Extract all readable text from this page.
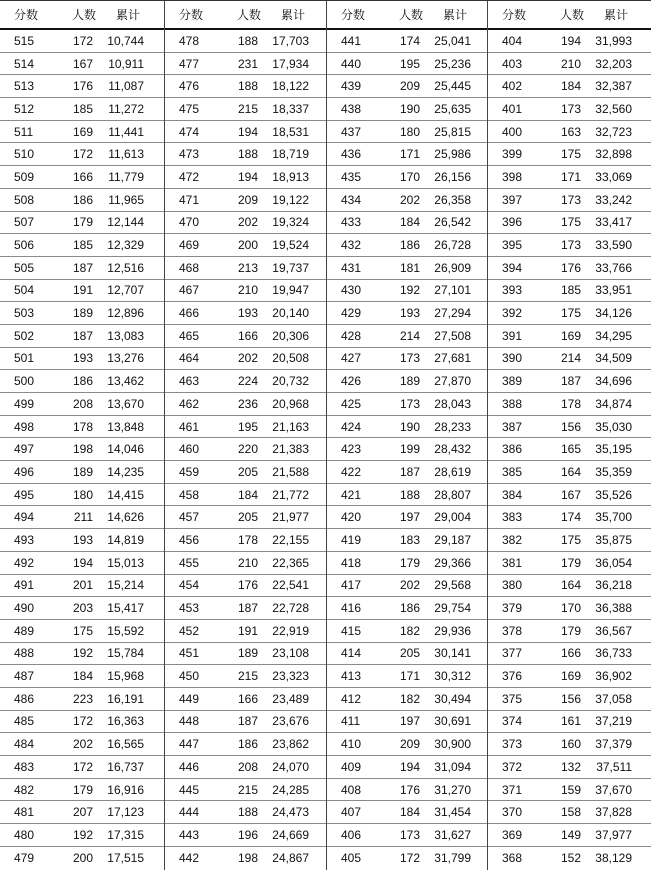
分数	人数	累计
515	172	10,744
514	167	10,911
513	176	11,087
512	185	11,272
511	169	11,441
510	172	11,613
509	166	11,779
508	186	11,965
507	179	12,144
506	185	12,329
505	187	12,516
504	191	12,707
503	189	12,896
502	187	13,083
501	193	13,276
500	186	13,462
499	208	13,670
498	178	13,848
497	198	14,046
496	189	14,235
495	180	14,415
494	211	14,626
493	193	14,819
492	194	15,013
491	201	15,214
490	203	15,417
489	175	15,592
488	192	15,784
487	184	15,968
486	223	16,191
485	172	16,363
484	202	16,565
483	172	16,737
482	179	16,916
481	207	17,123
480	192	17,315
479	200	17,515
分数	人数	累计
478	188	17,703
477	231	17,934
476	188	18,122
475	215	18,337
474	194	18,531
473	188	18,719
472	194	18,913
471	209	19,122
470	202	19,324
469	200	19,524
468	213	19,737
467	210	19,947
466	193	20,140
465	166	20,306
464	202	20,508
463	224	20,732
462	236	20,968
461	195	21,163
460	220	21,383
459	205	21,588
458	184	21,772
457	205	21,977
456	178	22,155
455	210	22,365
454	176	22,541
453	187	22,728
452	191	22,919
451	189	23,108
450	215	23,323
449	166	23,489
448	187	23,676
447	186	23,862
446	208	24,070
445	215	24,285
444	188	24,473
443	196	24,669
442	198	24,867
分数	人数	累计
441	174	25,041
440	195	25,236
439	209	25,445
438	190	25,635
437	180	25,815
436	171	25,986
435	170	26,156
434	202	26,358
433	184	26,542
432	186	26,728
431	181	26,909
430	192	27,101
429	193	27,294
428	214	27,508
427	173	27,681
426	189	27,870
425	173	28,043
424	190	28,233
423	199	28,432
422	187	28,619
421	188	28,807
420	197	29,004
419	183	29,187
418	179	29,366
417	202	29,568
416	186	29,754
415	182	29,936
414	205	30,141
413	171	30,312
412	182	30,494
411	197	30,691
410	209	30,900
409	194	31,094
408	176	31,270
407	184	31,454
406	173	31,627
405	172	31,799
分数	人数	累计
404	194	31,993
403	210	32,203
402	184	32,387
401	173	32,560
400	163	32,723
399	175	32,898
398	171	33,069
397	173	33,242
396	175	33,417
395	173	33,590
394	176	33,766
393	185	33,951
392	175	34,126
391	169	34,295
390	214	34,509
389	187	34,696
388	178	34,874
387	156	35,030
386	165	35,195
385	164	35,359
384	167	35,526
383	174	35,700
382	175	35,875
381	179	36,054
380	164	36,218
379	170	36,388
378	179	36,567
377	166	36,733
376	169	36,902
375	156	37,058
374	161	37,219
373	160	37,379
372	132	37,511
371	159	37,670
370	158	37,828
369	149	37,977
368	152	38,129
